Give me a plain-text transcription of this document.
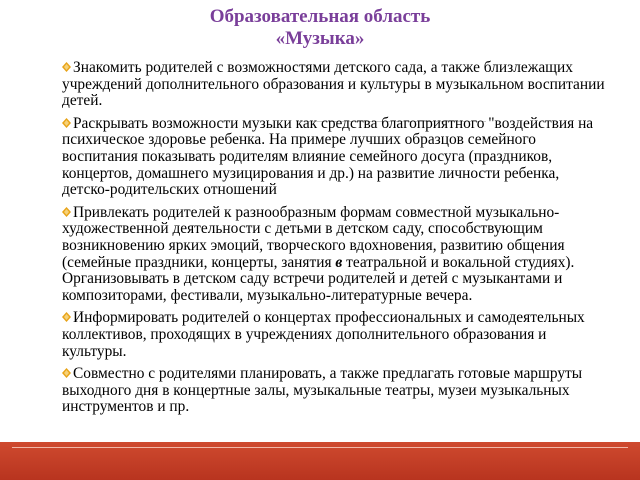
Образовательная область
«Музыка»
Знакомить родителей с возможностями детского сада, а также близлежащих учреждений дополнительного образования и культуры в музыкальном воспитании детей.
Раскрывать возможности музыки как средства благоприятного "воздействия на психическое здоровье ребенка. На примере лучших образцов семейного воспитания показывать родителям влияние семейного досуга (праздников, концертов, домашнего музицирования и др.) на развитие личности ребенка, детско-родительских отношений
Привлекать родителей к разнообразным формам совместной музыкально-художественной деятельности с детьми в детском саду, способствующим возникновению ярких эмоций, творческого вдохновения, развитию общения (семейные праздники, концерты, занятия в театральной и вокальной студиях). Организовывать в детском саду встречи родителей и детей с музыкантами и композиторами, фестивали, музыкально-литературные вечера.
Информировать родителей о концертах профессиональных и самодеятельных коллективов, проходящих в учреждениях дополнительного образования и культуры.
Совместно с родителями планировать, а также предлагать готовые маршруты выходного дня в концертные залы, музыкальные театры, музеи музыкальных инструментов и пр.
